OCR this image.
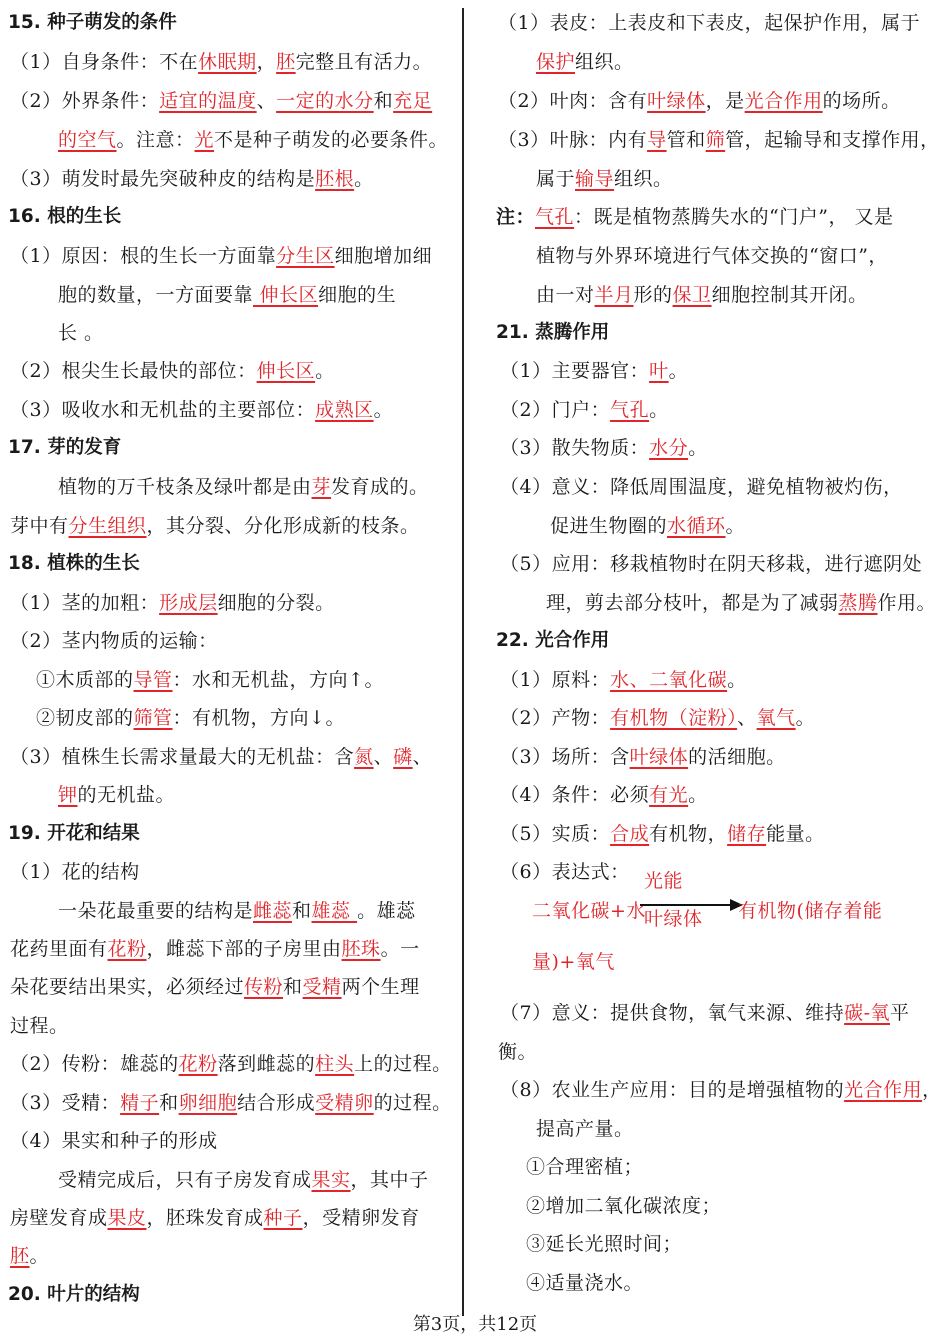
15. 种子萌发的条件
（1）自身条件：不在休眠期，胚完整且有活力。
（2）外界条件：适宜的温度、一定的水分和充足
的空气。注意：光不是种子萌发的必要条件。
（3）萌发时最先突破种皮的结构是胚根。
16. 根的生长
（1）原因：根的生长一方面靠分生区细胞增加细
胞的数量，一方面要靠 伸长区细胞的生
长 。
（2）根尖生长最快的部位：伸长区。
（3）吸收水和无机盐的主要部位：成熟区。
17. 芽的发育
植物的万千枝条及绿叶都是由芽发育成的。
芽中有分生组织，其分裂、分化形成新的枝条。
18. 植株的生长
（1）茎的加粗：形成层细胞的分裂。
（2）茎内物质的运输：
①木质部的导管：水和无机盐，方向↑。
②韧皮部的筛管：有机物，方向↓。
（3）植株生长需求量最大的无机盐：含氮、磷、
钾的无机盐。
19. 开花和结果
（1）花的结构
一朵花最重要的结构是雌蕊和雄蕊 。雄蕊
花药里面有花粉，雌蕊下部的子房里由胚珠。一
朵花要结出果实，必须经过传粉和受精两个生理
过程。
（2）传粉：雄蕊的花粉落到雌蕊的柱头上的过程。
（3）受精：精子和卵细胞结合形成受精卵的过程。
（4）果实和种子的形成
受精完成后，只有子房发育成果实，其中子
房壁发育成果皮，胚珠发育成种子，受精卵发育
胚。
20. 叶片的结构
（1）表皮：上表皮和下表皮，起保护作用，属于
保护组织。
（2）叶肉：含有叶绿体，是光合作用的场所。
（3）叶脉：内有导管和筛管，起输导和支撑作用，
属于输导组织。
注：气孔：既是植物蒸腾失水的“门户”， 又是
植物与外界环境进行气体交换的“窗口”，
由一对半月形的保卫细胞控制其开闭。
21. 蒸腾作用
（1）主要器官：叶。
（2）门户：气孔。
（3）散失物质：水分。
（4）意义：降低周围温度，避免植物被灼伤，
促进生物圈的水循环。
（5）应用：移栽植物时在阴天移栽，进行遮阴处
理，剪去部分枝叶，都是为了减弱蒸腾作用。
22. 光合作用
（1）原料：水、二氧化碳。
（2）产物：有机物（淀粉）、氧气。
（3）场所：含叶绿体的活细胞。
（4）条件：必须有光。
（5）实质：合成有机物，储存能量。
（6）表达式：
二氧化碳+水
光能
叶绿体 有机物(储存着能
量)+氧气
（7）意义：提供食物，氧气来源、维持碳-氧平
衡。
（8）农业生产应用：目的是增强植物的光合作用，
提高产量。
①合理密植；
②增加二氧化碳浓度；
③延长光照时间；
④适量浇水。
第3页，共12页
